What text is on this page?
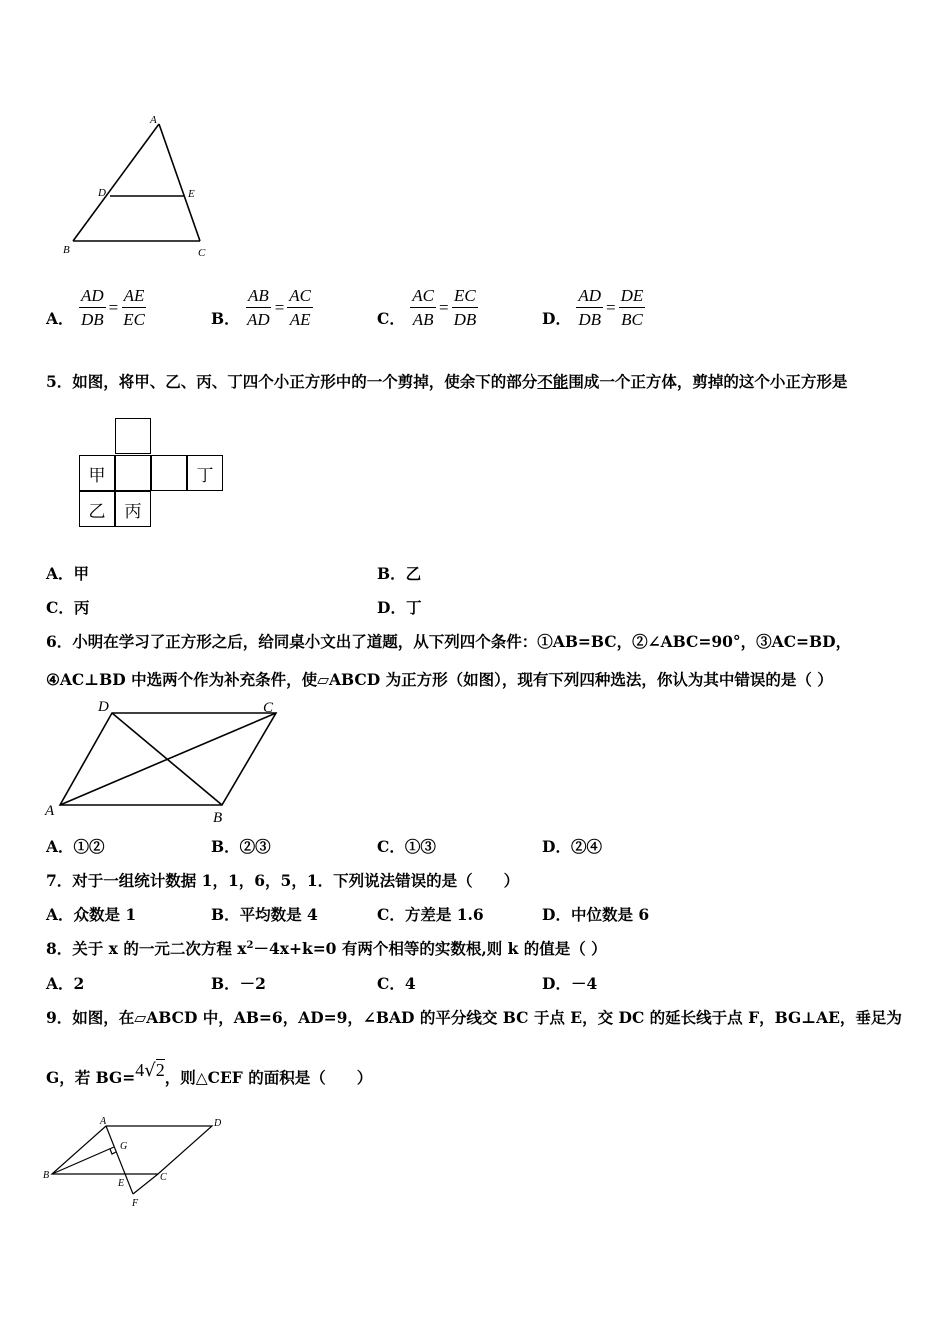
A
B	C
D	E
A． $\frac{AD}{DB} = \frac{AE}{EC}$	B． $\frac{AB}{AD} = \frac{AC}{AE}$	C． $\frac{AC}{AB} = \frac{EC}{DB}$	D． $\frac{AD}{DB} = \frac{DE}{BC}$
5．如图，将甲、乙、丙、丁四个小正方形中的一个剪掉，使余下的部分不能围成一个正方体，剪掉的这个小正方形是
甲	丁
乙	丙
A．甲	B．乙
C．丙	D．丁
6．小明在学习了正方形之后，给同桌小文出了道题，从下列四个条件：①AB=BC，②∠ABC=90°，③AC=BD，
④AC⊥BD 中选两个作为补充条件，使▱ABCD 为正方形（如图），现有下列四种选法，你认为其中错误的是（ ）
A	B
C
D
A．①②	B．②③	C．①③	D．②④
7．对于一组统计数据 1，1，6，5，1．下列说法错误的是（　　）
A．众数是 1	B．平均数是 4	C．方差是 1.6	D．中位数是 6
8．关于 x 的一元二次方程 $x^2-4x+k=0$ 有两个相等的实数根,则 k 的值是（ ）
A．2	B．－2	C．4	D．－4
9．如图，在▱ABCD 中，AB=6，AD=9，∠BAD 的平分线交 BC 于点 E，交 DC 的延长线于点 F，BG⊥AE，垂足为
G，若 BG=4√2，则△CEF 的面积是（　　）
A
B	C
D
E
F
G
